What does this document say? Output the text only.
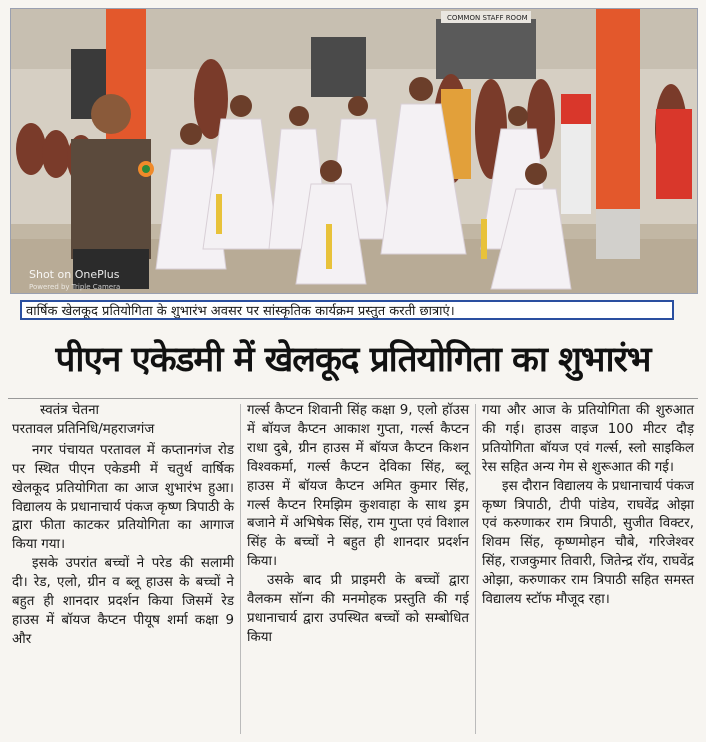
COMMON STAFF ROOM
Shot on OnePlus
Powered by Triple Camera
वार्षिक खेलकूद प्रतियोगिता के शुभारंभ अवसर पर सांस्कृतिक कार्यक्रम प्रस्तुत करती छात्राएं।
पीएन एकेडमी में खेलकूद प्रतियोगिता का शुभारंभ
स्वतंत्र चेतना
परतावल प्रतिनिधि/महराजगंज

नगर पंचायत परतावल में कप्तानगंज रोड पर स्थित पीएन एकेडमी में चतुर्थ वार्षिक खेलकूद प्रतियोगिता का आज शुभारंभ हुआ। विद्यालय के प्रधानाचार्य पंकज कृष्ण त्रिपाठी के द्वारा फीता काटकर प्रतियोगिता का आगाज किया गया।

इसके उपरांत बच्चों ने परेड की सलामी दी। रेड, एलो, ग्रीन व ब्लू हाउस के बच्चों ने बहुत ही शानदार प्रदर्शन किया जिसमें रेड हाउस में बॉयज कैप्टन पीयूष शर्मा कक्षा 9 और

गर्ल्स कैप्टन शिवानी सिंह कक्षा 9, एलो हॉउस में बॉयज कैप्टन आकाश गुप्ता, गर्ल्स कैप्टन राधा दुबे, ग्रीन हाउस में बॉयज कैप्टन किशन विश्वकर्मा, गर्ल्स कैप्टन देविका सिंह, ब्लू हाउस में बॉयज कैप्टन अमित कुमार सिंह, गर्ल्स कैप्टन रिमझिम कुशवाहा के साथ ड्रम बजाने में अभिषेक सिंह, राम गुप्ता एवं विशाल सिंह के बच्चों ने बहुत ही शानदार प्रदर्शन किया।

उसके बाद प्री प्राइमरी के बच्चों द्वारा वैलकम सॉन्ग की मनमोहक प्रस्तुति की गई प्रधानाचार्य द्वारा उपस्थित बच्चों को सम्बोधित किया

गया और आज के प्रतियोगिता की शुरुआत की गई। हाउस वाइज 100 मीटर दौड़ प्रतियोगिता बॉयज एवं गर्ल्स, स्लो साइकिल रेस सहित अन्य गेम से शुरूआत की गई।

इस दौरान विद्यालय के प्रधानाचार्य पंकज कृष्ण त्रिपाठी, टीपी पांडेय, राघवेंद्र ओझा एवं करुणाकर राम त्रिपाठी, सुजीत विक्टर, शिवम सिंह, कृष्णमोहन चौबे, गरिजेश्वर सिंह, राजकुमार तिवारी, जितेन्द्र रॉय, राघवेंद्र ओझा, करुणाकर राम त्रिपाठी सहित समस्त विद्यालय स्टॉफ मौजूद रहा।
